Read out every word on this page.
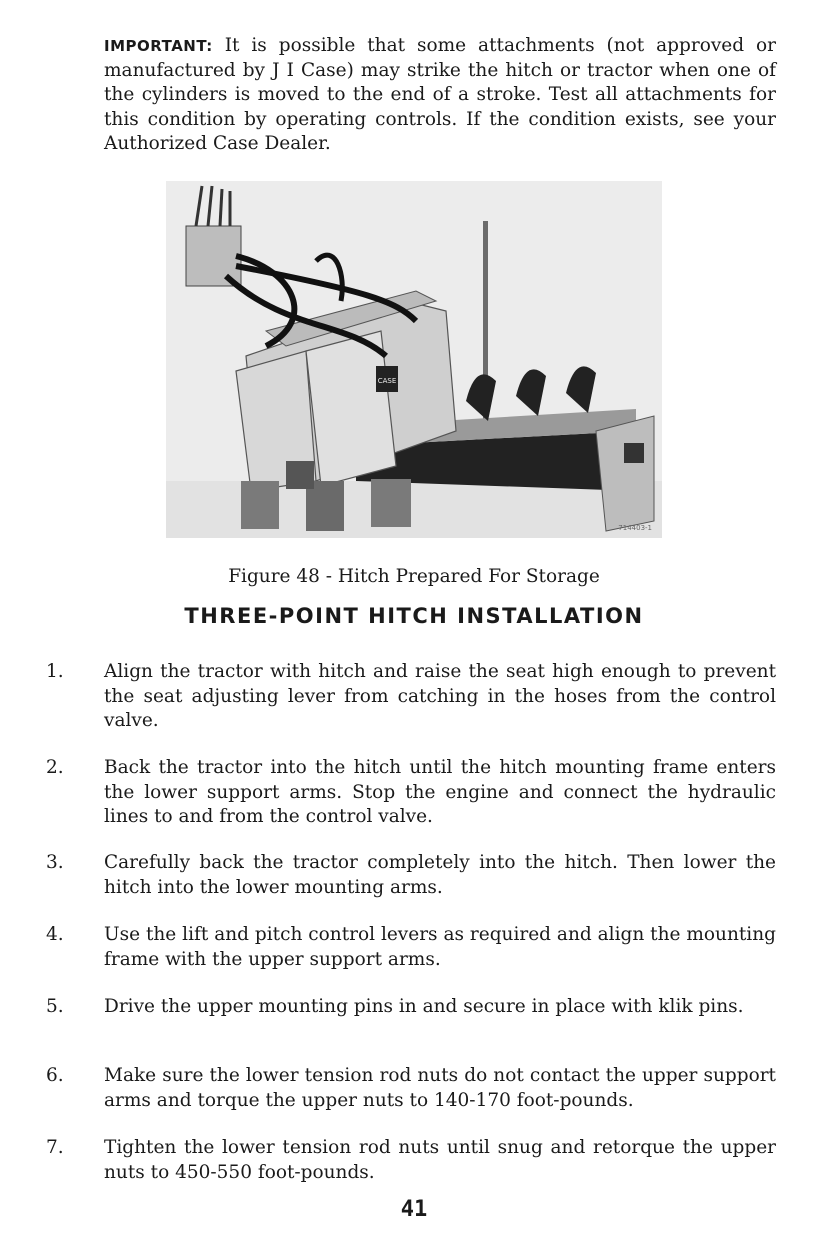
IMPORTANT: It is possible that some attachments (not approved or manufactured by J I Case) may strike the hitch or tractor when one of the cylinders is moved to the end of a stroke. Test all attachments for this condition by operating controls. If the condition exists, see your Authorized Case Dealer.
CASE
714403-1
Figure 48 - Hitch Prepared For Storage
THREE-POINT HITCH INSTALLATION
1.	Align the tractor with hitch and raise the seat high enough to prevent the seat adjusting lever from catching in the hoses from the control valve.
2.	Back the tractor into the hitch until the hitch mounting frame enters the lower support arms. Stop the engine and connect the hydraulic lines to and from the control valve.
3.	Carefully back the tractor completely into the hitch. Then lower the hitch into the lower mounting arms.
4.	Use the lift and pitch control levers as required and align the mounting frame with the upper support arms.
5.	Drive the upper mounting pins in and secure in place with klik pins.
6.	Make sure the lower tension rod nuts do not contact the upper support arms and torque the upper nuts to 140-170 foot-pounds.
7.	Tighten the lower tension rod nuts until snug and retorque the upper nuts to 450-550 foot-pounds.
41
